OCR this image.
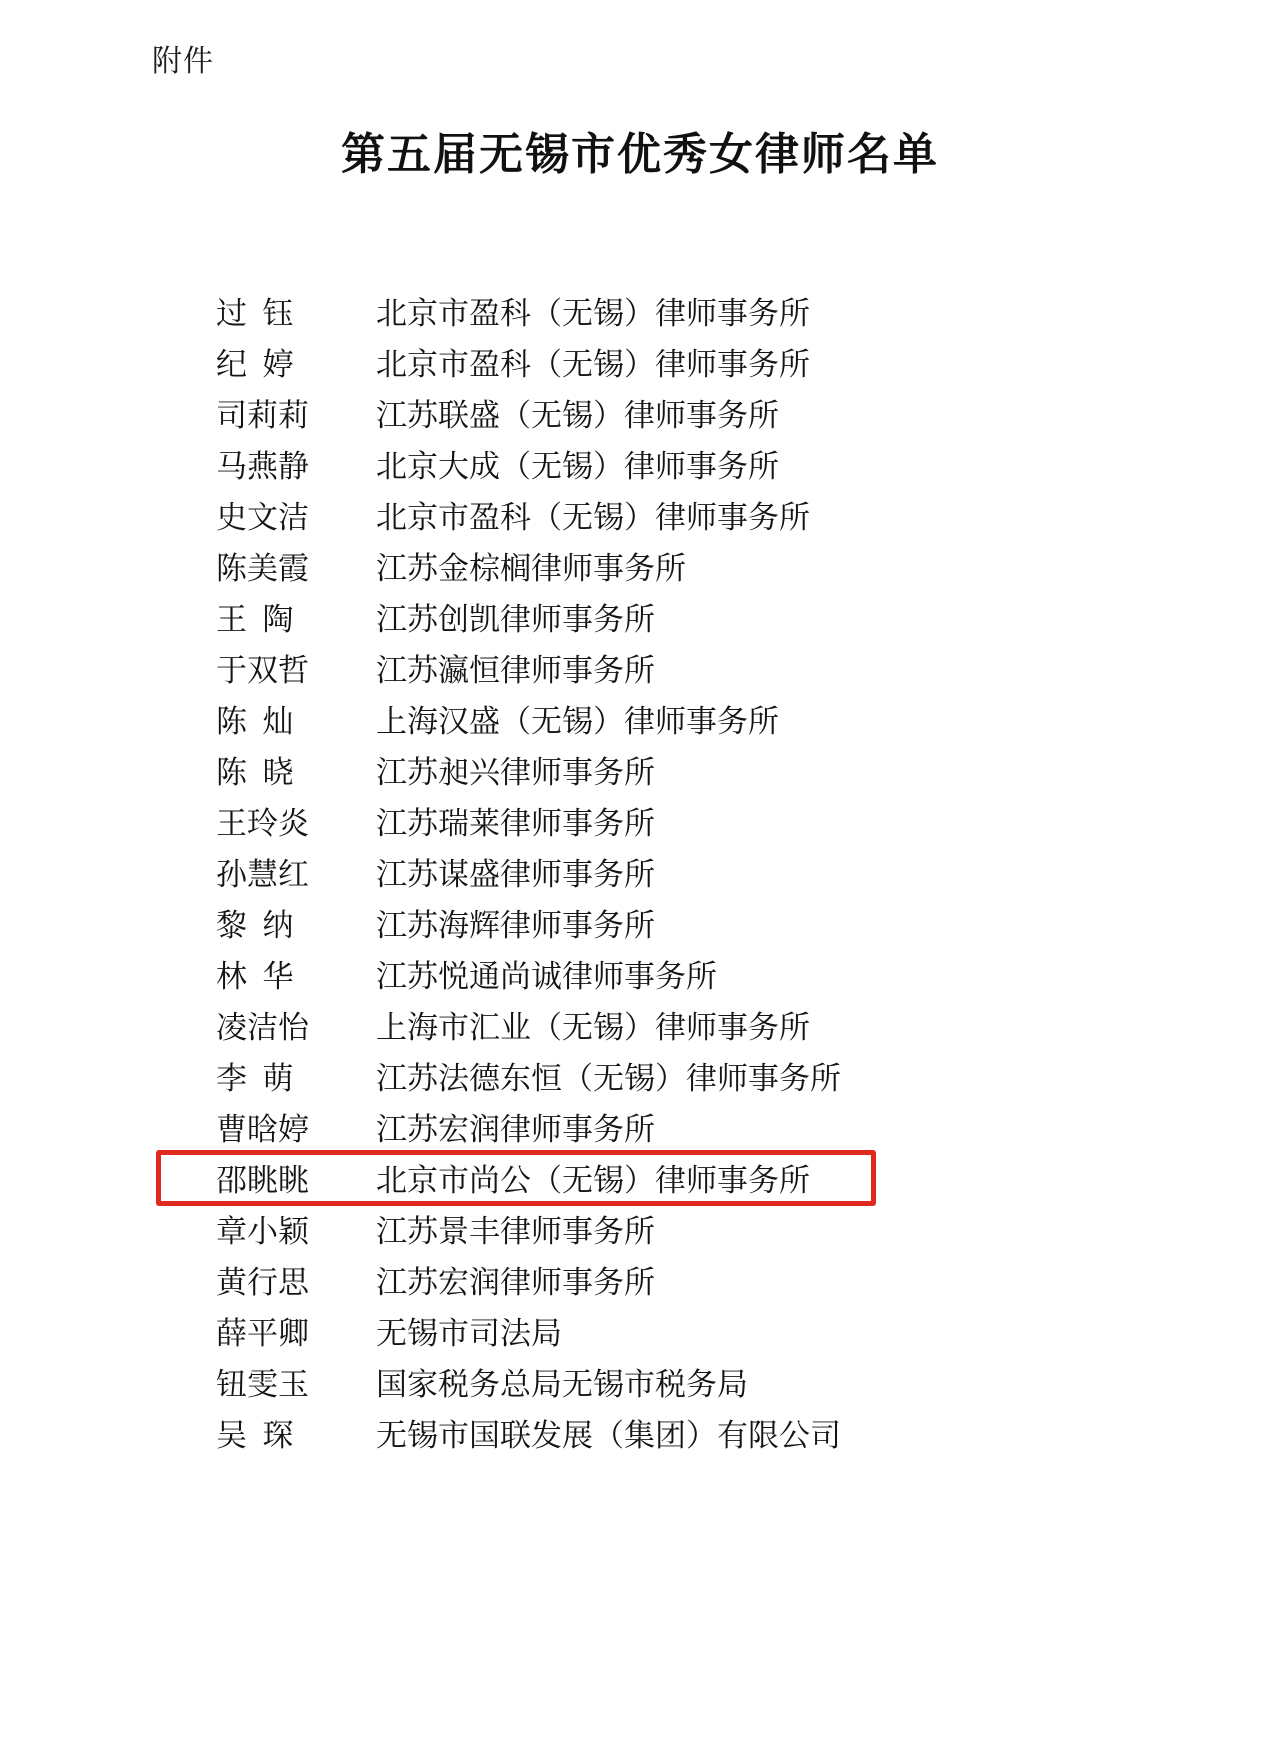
附件
第五届无锡市优秀女律师名单
过  钰	北京市盈科（无锡）律师事务所
纪  婷	北京市盈科（无锡）律师事务所
司莉莉	江苏联盛（无锡）律师事务所
马燕静	北京大成（无锡）律师事务所
史文洁	北京市盈科（无锡）律师事务所
陈美霞	江苏金棕榈律师事务所
王  陶	江苏创凯律师事务所
于双哲	江苏瀛恒律师事务所
陈  灿	上海汉盛（无锡）律师事务所
陈  晓	江苏昶兴律师事务所
王玲炎	江苏瑞莱律师事务所
孙慧红	江苏谋盛律师事务所
黎  纳	江苏海辉律师事务所
林  华	江苏悦通尚诚律师事务所
凌洁怡	上海市汇业（无锡）律师事务所
李  萌	江苏法德东恒（无锡）律师事务所
曹晗婷	江苏宏润律师事务所
邵眺眺	北京市尚公（无锡）律师事务所
章小颖	江苏景丰律师事务所
黄行思	江苏宏润律师事务所
薛平卿	无锡市司法局
钮雯玉	国家税务总局无锡市税务局
吴  琛	无锡市国联发展（集团）有限公司
